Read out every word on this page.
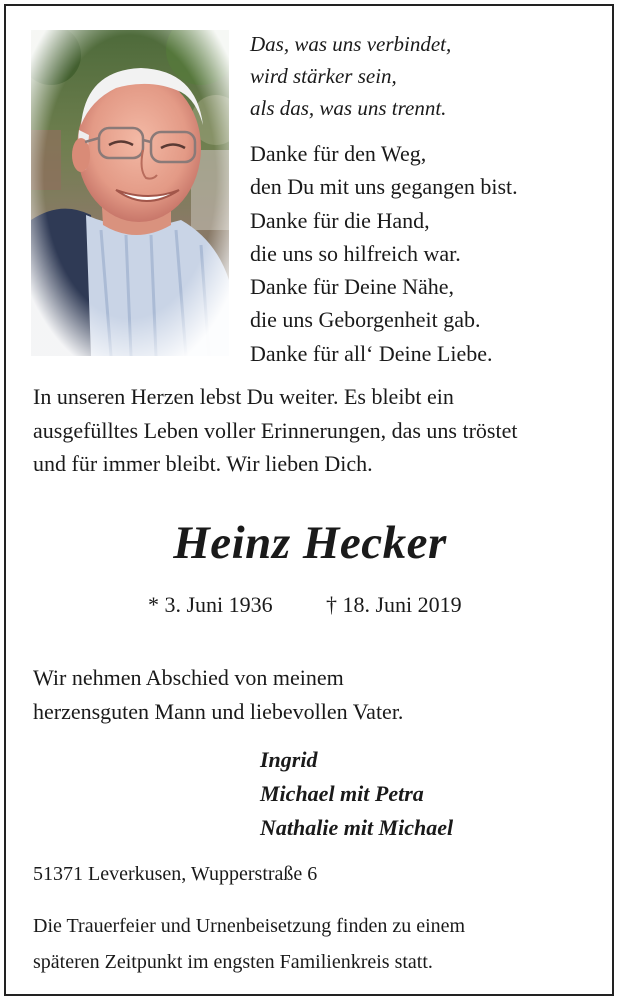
Das, was uns verbindet,
wird stärker sein,
als das, was uns trennt.
Danke für den Weg,
den Du mit uns gegangen bist.
Danke für die Hand,
die uns so hilfreich war.
Danke für Deine Nähe,
die uns Geborgenheit gab.
Danke für all‘ Deine Liebe.
In unseren Herzen lebst Du weiter. Es bleibt ein
ausgefülltes Leben voller Erinnerungen, das uns tröstet
und für immer bleibt. Wir lieben Dich.
Heinz Hecker
* 3. Juni 1936 † 18. Juni 2019
Wir nehmen Abschied von meinem
herzensguten Mann und liebevollen Vater.
Ingrid
Michael mit Petra
Nathalie mit Michael
51371 Leverkusen, Wupperstraße 6
Die Trauerfeier und Urnenbeisetzung finden zu einem
späteren Zeitpunkt im engsten Familienkreis statt.
